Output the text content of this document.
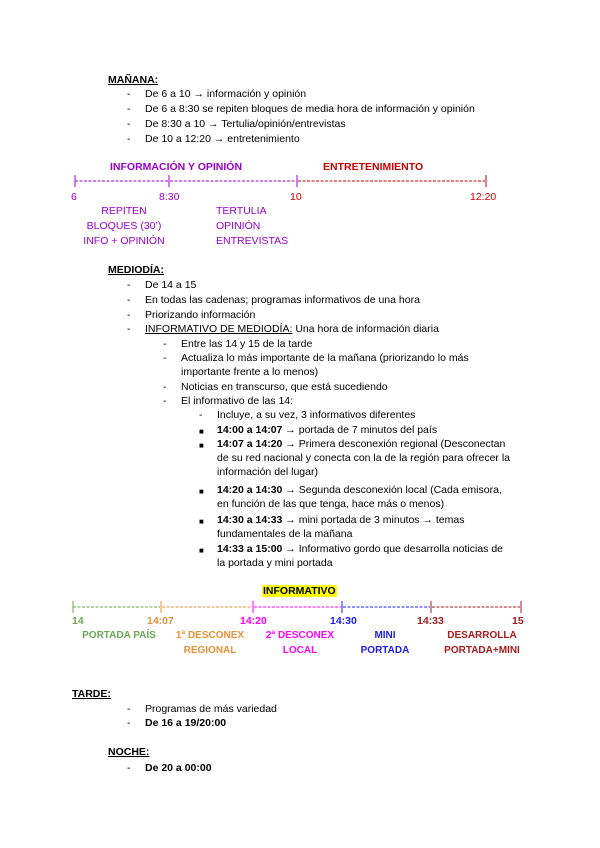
MAÑANA:
- De 6 a 10 → información y opinión
- De 6 a 8:30 se repiten bloques de media hora de información y opinión
- De 8:30 a 10 → Tertulia/opinión/entrevistas
- De 10 a 12:20 → entretenimiento
INFORMACIÓN Y OPINIÓN	ENTRETENIMIENTO
6	8:30	10	12:20
REPITEN
BLOQUES (30’)
INFO + OPINIÓN
TERTULIA
OPINIÓN
ENTREVISTAS
MEDIODÍA:
- De 14 a 15
- En todas las cadenas; programas informativos de una hora
- Priorizando información
- INFORMATIVO DE MEDIODÍA: Una hora de información diaria
- Entre las 14 y 15 de la tarde
- Actualiza lo más importante de la mañana (priorizando lo más
importante frente a lo menos)
- Noticias en transcurso, que está sucediendo
- El informativo de las 14:
- Incluye, a su vez, 3 informativos diferentes
■ 14:00 a 14:07 → portada de 7 minutos del país
■ 14:07 a 14:20 → Primera desconexión regional (Desconectan
de su red nacional y conecta con la de la región para ofrecer la
información del lugar)
■ 14:20 a 14:30 → Segunda desconexión local (Cada emisora,
en función de las que tenga, hace más o menos)
■ 14:30 a 14:33 → mini portada de 3 minutos → temas
fundamentales de la mañana
■ 14:33 a 15:00 → Informativo gordo que desarrolla noticias de
la portada y mini portada
INFORMATIVO
14	14:07	14:20	14:30	14:33	15
PORTADA PAÍS	1ª DESCONEX
REGIONAL
2ª DESCONEX
LOCAL
MINI
PORTADA
DESARROLLA
PORTADA+MINI
TARDE:
- Programas de más variedad
- De 16 a 19/20:00
NOCHE:
- De 20 a 00:00
